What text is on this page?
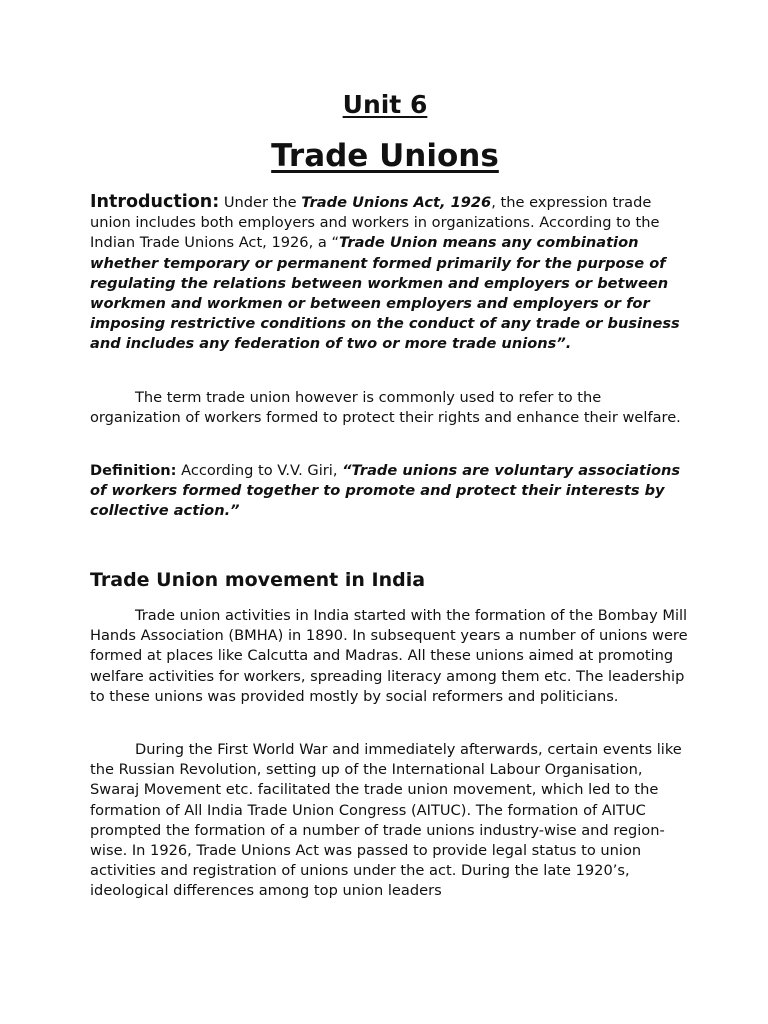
Unit 6
Trade Unions

Introduction: Under the Trade Unions Act, 1926, the expression trade union includes both employers and workers in organizations. According to the Indian Trade Unions Act, 1926, a “Trade Union means any combination whether temporary or permanent formed primarily for the purpose of regulating the relations between workmen and employers or between workmen and workmen or between employers and employers or for imposing restrictive conditions on the conduct of any trade or business and includes any federation of two or more trade unions”.

The term trade union however is commonly used to refer to the organization of workers formed to protect their rights and enhance their welfare.

Definition: According to V.V. Giri, “Trade unions are voluntary associations of workers formed together to promote and protect their interests by collective action.”

Trade Union movement in India

Trade union activities in India started with the formation of the Bombay Mill Hands Association (BMHA) in 1890. In subsequent years a number of unions were formed at places like Calcutta and Madras. All these unions aimed at promoting welfare activities for workers, spreading literacy among them etc. The leadership to these unions was provided mostly by social reformers and politicians.

During the First World War and immediately afterwards, certain events like the Russian Revolution, setting up of the International Labour Organisation, Swaraj Movement etc. facilitated the trade union movement, which led to the formation of All India Trade Union Congress (AITUC). The formation of AITUC prompted the formation of a number of trade unions industry-wise and region-wise. In 1926, Trade Unions Act was passed to provide legal status to union activities and registration of unions under the act. During the late 1920’s, ideological differences among top union leaders
